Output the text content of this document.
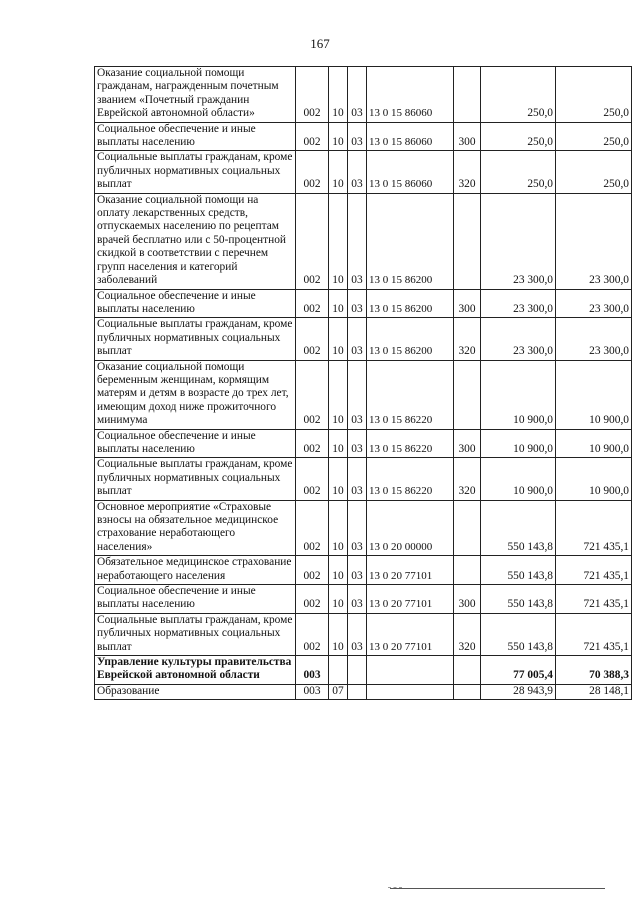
167
Оказание социальной помощи гражданам, награжденным почетным званием «Почетный гражданин Еврейской автономной области»	002	10	03	13 0 15 86060		250,0	250,0
Социальное обеспечение и иные выплаты населению	002	10	03	13 0 15 86060	300	250,0	250,0
Социальные выплаты гражданам, кроме публичных нормативных социальных выплат	002	10	03	13 0 15 86060	320	250,0	250,0
Оказание социальной помощи на оплату лекарственных средств, отпускаемых населению по рецептам врачей бесплатно или с 50-процентной скидкой в соответствии с перечнем групп населения и категорий заболеваний	002	10	03	13 0 15 86200		23 300,0	23 300,0
Социальное обеспечение и иные выплаты населению	002	10	03	13 0 15 86200	300	23 300,0	23 300,0
Социальные выплаты гражданам, кроме публичных нормативных социальных выплат	002	10	03	13 0 15 86200	320	23 300,0	23 300,0
Оказание социальной помощи беременным женщинам, кормящим матерям и детям в возрасте до трех лет, имеющим доход ниже прожиточного минимума	002	10	03	13 0 15 86220		10 900,0	10 900,0
Социальное обеспечение и иные выплаты населению	002	10	03	13 0 15 86220	300	10 900,0	10 900,0
Социальные выплаты гражданам, кроме публичных нормативных социальных выплат	002	10	03	13 0 15 86220	320	10 900,0	10 900,0
Основное мероприятие «Страховые взносы на обязательное медицинское страхование неработающего населения»	002	10	03	13 0 20 00000		550 143,8	721 435,1
Обязательное медицинское страхование неработающего населения	002	10	03	13 0 20 77101		550 143,8	721 435,1
Социальное обеспечение и иные выплаты населению	002	10	03	13 0 20 77101	300	550 143,8	721 435,1
Социальные выплаты гражданам, кроме публичных нормативных социальных выплат	002	10	03	13 0 20 77101	320	550 143,8	721 435,1
Управление культуры правительства Еврейской автономной области	003					77 005,4	70 388,3
Образование	003	07				28 943,9	28 148,1
